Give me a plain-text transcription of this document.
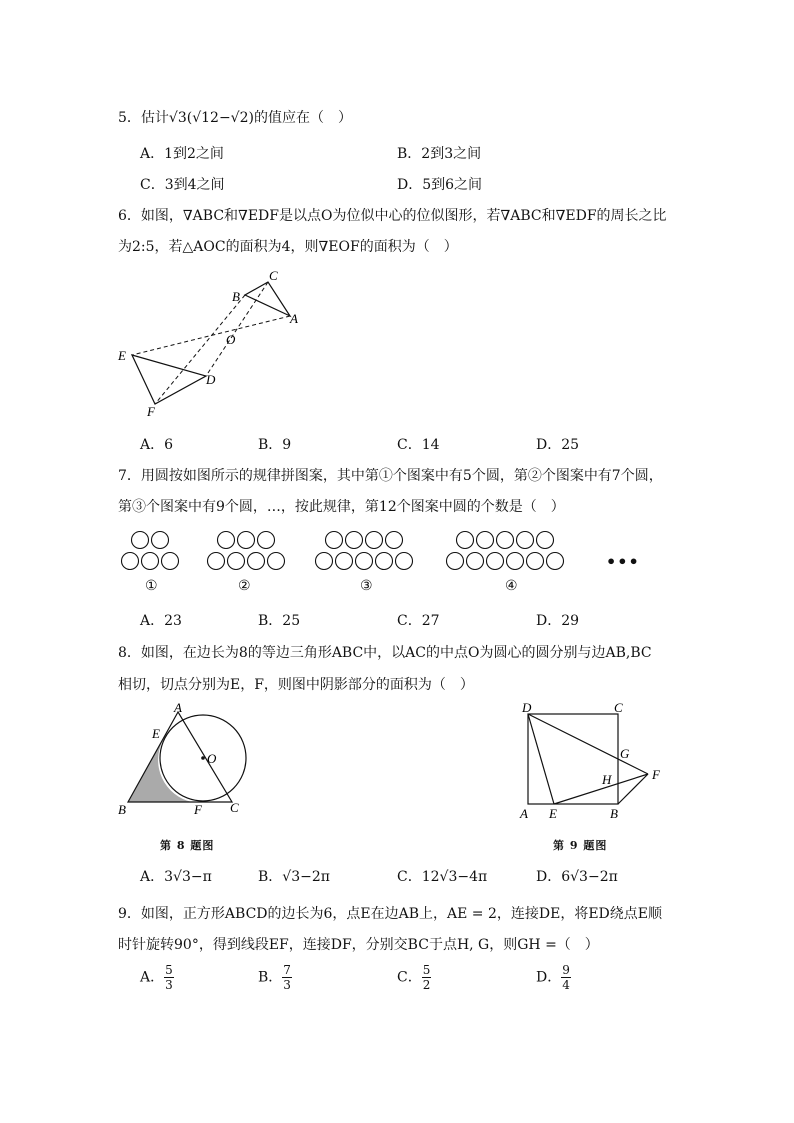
5．估计√3(√12−√2)的值应在（　）
A．1到2之间	B．2到3之间
C．3到4之间	D．5到6之间
6．如图，∇ABC和∇EDF是以点O为位似中心的位似图形，若∇ABC和∇EDF的周长之比
为2:5，若△AOC的面积为4，则∇EOF的面积为（　）
C
B
A
O
E
D
F
A．6	B．9	C．14	D．25
7．用圆按如图所示的规律拼图案，其中第①个图案中有5个圆，第②个图案中有7个圆，
第③个图案中有9个圆，…，按此规律，第12个图案中圆的个数是（　）
①	②	③	④
•••
A．23	B．25	C．27	D．29
8．如图，在边长为8的等边三角形ABC中，以AC的中点O为圆心的圆分别与边AB,BC
相切，切点分别为E，F，则图中阴影部分的面积为（　）
A
E
O
B	F C
第 8 题图
D	C
G
F
H
A E	B
第 9 题图
A．3√3−π	B．√3−2π	C．12√3−4π	D．6√3−2π
9．如图，正方形ABCD的边长为6，点E在边AB上，AE = 2，连接DE，将ED绕点E顺
时针旋转90°，得到线段EF，连接DF，分别交BC于点H, G，则GH =（　）
A． $\frac{5}{3}$	B． $\frac{7}{3}$	C． $\frac{5}{2}$	D． $\frac{9}{4}$
